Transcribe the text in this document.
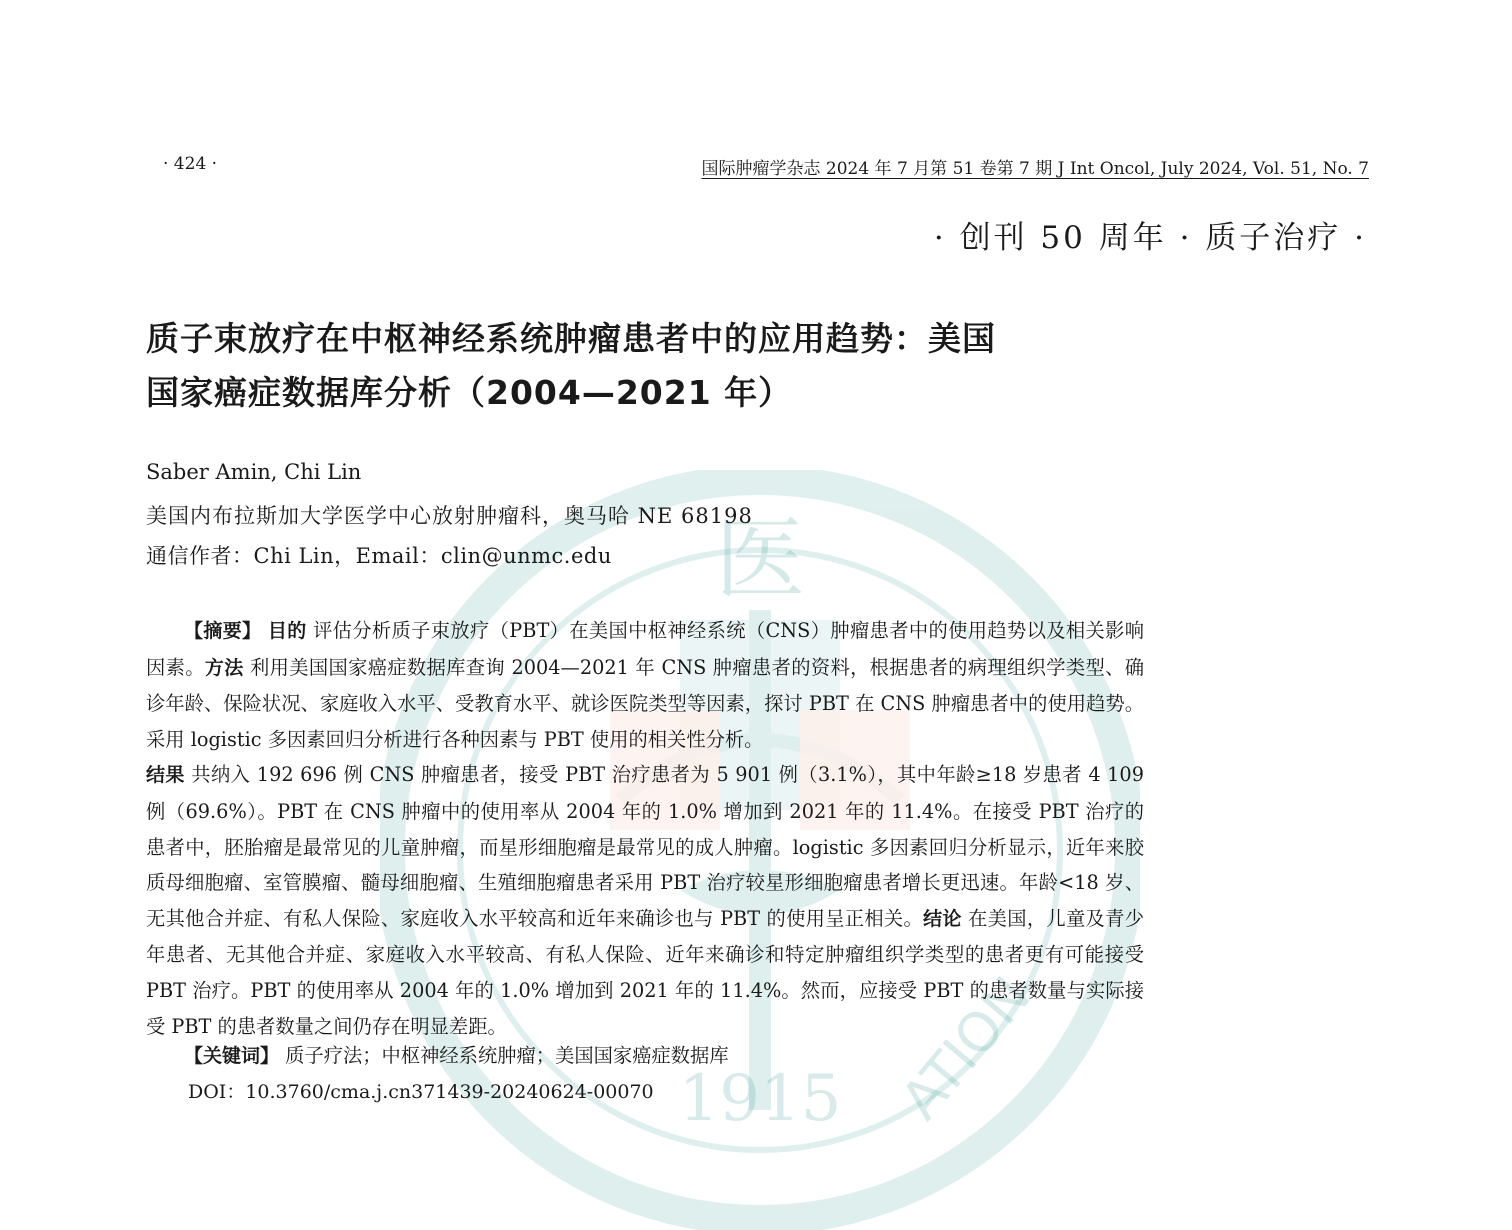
医
1915 ATION
· 424 ·	国际肿瘤学杂志 2024 年 7 月第 51 卷第 7 期 J Int Oncol, July 2024, Vol. 51, No. 7
· 创刊 50 周年 · 质子治疗 ·
质子束放疗在中枢神经系统肿瘤患者中的应用趋势：美国
国家癌症数据库分析（2004—2021 年）
Saber Amin, Chi Lin
美国内布拉斯加大学医学中心放射肿瘤科，奥马哈 NE 68198
通信作者：Chi Lin，Email：clin@unmc.edu

【摘要】 目的 评估分析质子束放疗（PBT）在美国中枢神经系统（CNS）肿瘤患者中的使用趋势以及相关影响因素。方法 利用美国国家癌症数据库查询 2004—2021 年 CNS 肿瘤患者的资料，根据患者的病理组织学类型、确诊年龄、保险状况、家庭收入水平、受教育水平、就诊医院类型等因素，探讨 PBT 在 CNS 肿瘤患者中的使用趋势。采用 logistic 多因素回归分析进行各种因素与 PBT 使用的相关性分析。
结果 共纳入 192 696 例 CNS 肿瘤患者，接受 PBT 治疗患者为 5 901 例（3.1%），其中年龄≥18 岁患者 4 109 例（69.6%）。PBT 在 CNS 肿瘤中的使用率从 2004 年的 1.0% 增加到 2021 年的 11.4%。在接受 PBT 治疗的患者中，胚胎瘤是最常见的儿童肿瘤，而星形细胞瘤是最常见的成人肿瘤。logistic 多因素回归分析显示，近年来胶质母细胞瘤、室管膜瘤、髓母细胞瘤、生殖细胞瘤患者采用 PBT 治疗较星形细胞瘤患者增长更迅速。年龄<18 岁、无其他合并症、有私人保险、家庭收入水平较高和近年来确诊也与 PBT 的使用呈正相关。结论 在美国，儿童及青少年患者、无其他合并症、家庭收入水平较高、有私人保险、近年来确诊和特定肿瘤组织学类型的患者更有可能接受 PBT 治疗。PBT 的使用率从 2004 年的 1.0% 增加到 2021 年的 11.4%。然而，应接受 PBT 的患者数量与实际接受 PBT 的患者数量之间仍存在明显差距。

【关键词】 质子疗法；中枢神经系统肿瘤；美国国家癌症数据库
DOI：10.3760/cma.j.cn371439-20240624-00070
